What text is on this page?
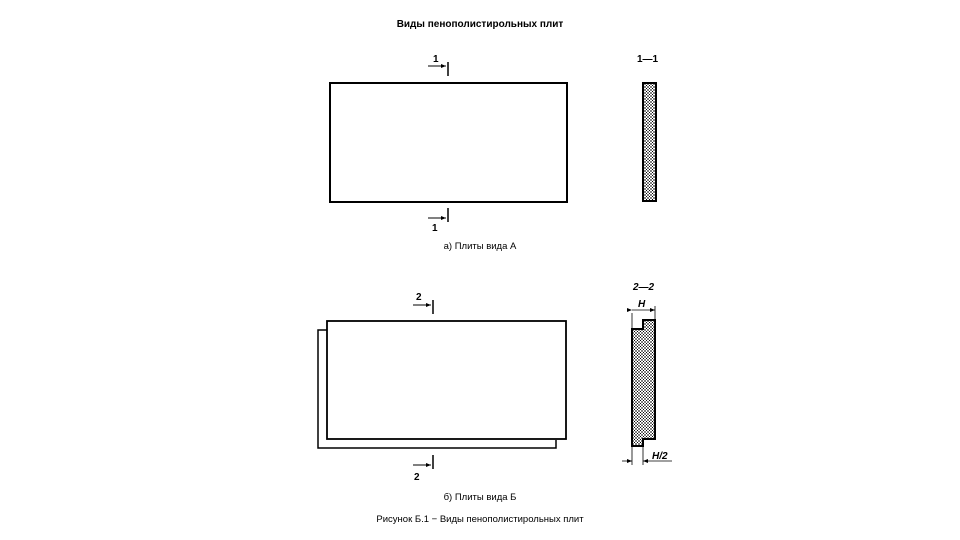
Виды пенополистирольных плит
1
1
1—1
2
2
2—2
H
H/2
а) Плиты вида А
б) Плиты вида Б
Рисунок Б.1 − Виды пенополистирольных плит
